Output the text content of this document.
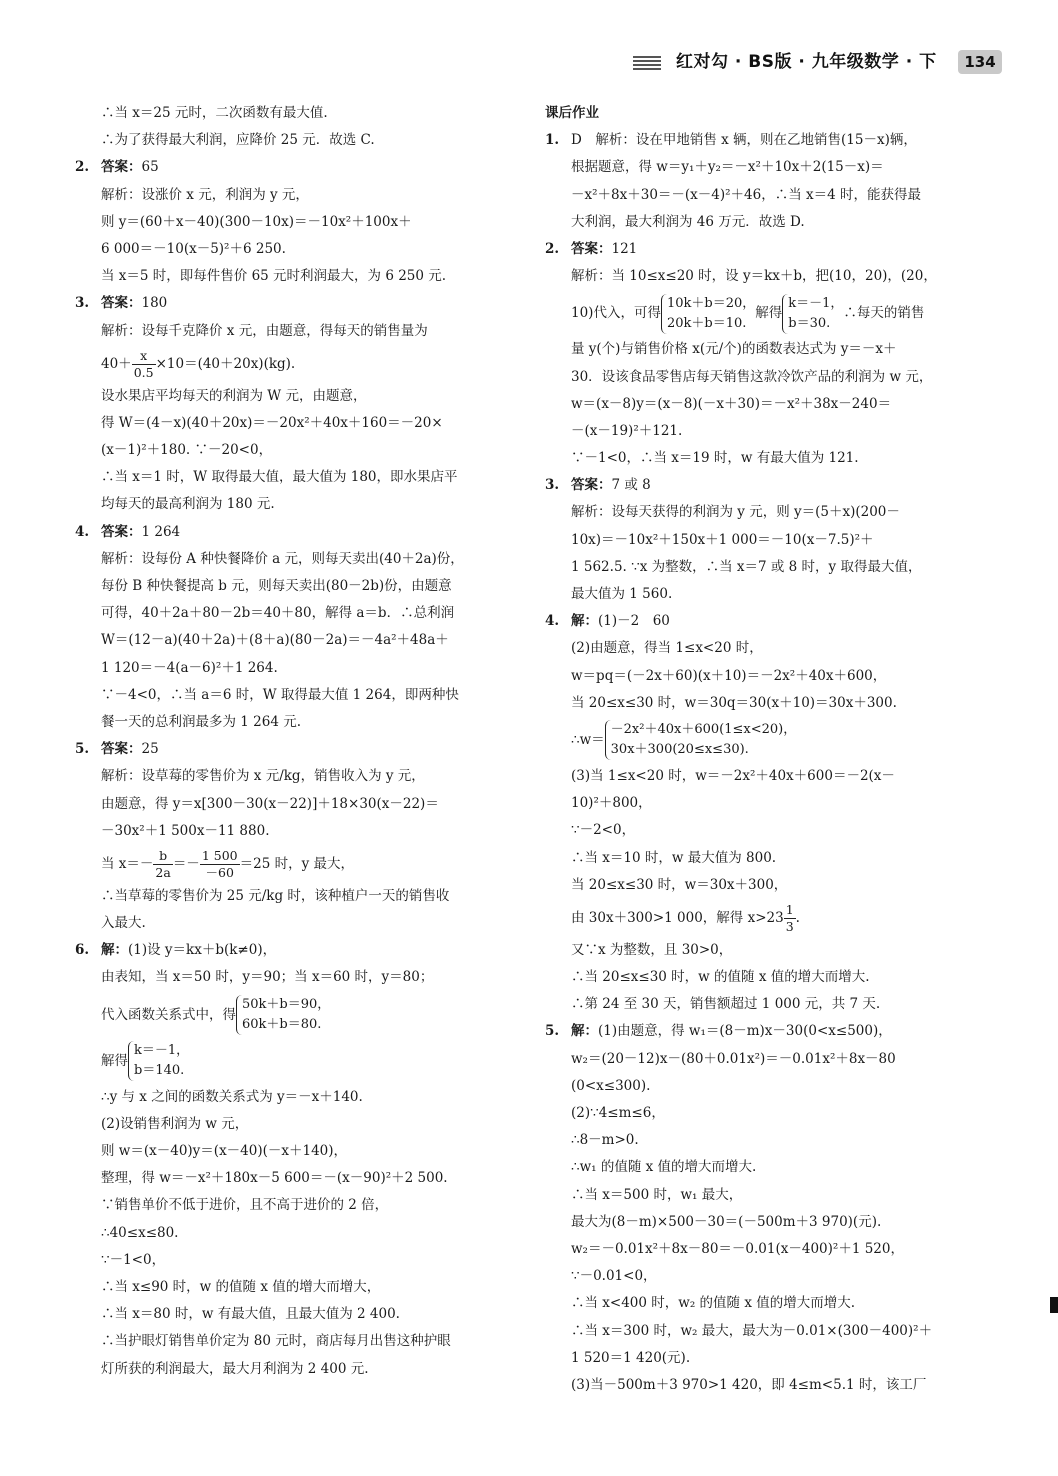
红对勾 · BS版 · 九年级数学 · 下	134
∴当 x＝25 元时，二次函数有最大值.
∴为了获得最大利润，应降价 25 元．故选 C.
2. 答案：65
解析：设涨价 x 元，利润为 y 元，
则 y＝(60＋x－40)(300－10x)＝－10x²＋100x＋
6 000＝－10(x－5)²＋6 250.
当 x＝5 时，即每件售价 65 元时利润最大，为 6 250 元.
3. 答案：180
解析：设每千克降价 x 元，由题意，得每天的销售量为
$40+ \frac{x}{0.5} \times 10=(40+20x)(kg)$.
设水果店平均每天的利润为 W 元，由题意，
得 W＝(4－x)(40＋20x)＝－20x²＋40x＋160＝－20×
(x－1)²＋180. ∵－20<0，
∴当 x＝1 时，W 取得最大值，最大值为 180，即水果店平
均每天的最高利润为 180 元.
4. 答案：1 264
解析：设每份 A 种快餐降价 a 元，则每天卖出(40＋2a)份，
每份 B 种快餐提高 b 元，则每天卖出(80－2b)份，由题意
可得，40＋2a＋80－2b＝40＋80，解得 a＝b．∴总利润
W＝(12－a)(40＋2a)＋(8＋a)(80－2a)＝－4a²＋48a＋
1 120＝－4(a－6)²＋1 264.
∵－4<0，∴当 a＝6 时，W 取得最大值 1 264，即两种快
餐一天的总利润最多为 1 264 元.
5. 答案：25
解析：设草莓的零售价为 x 元/kg，销售收入为 y 元，
由题意，得 y＝x[300－30(x－22)]＋18×30(x－22)＝
－30x²＋1 500x－11 880.
当 $x=- \frac{b}{2a} =- \frac{1 500}{-60} =25$ 时，y 最大，
∴当草莓的零售价为 25 元/kg 时，该种植户一天的销售收
入最大.
6. 解：(1)设 y＝kx＋b(k≠0)，
由表知，当 x＝50 时，y＝90；当 x＝60 时，y＝80；
代入函数关系式中，得
50k＋b＝90，
60k＋b＝80.
解得
k＝－1，
b＝140.
∴y 与 x 之间的函数关系式为 y＝－x＋140.
(2)设销售利润为 w 元，
则 w＝(x－40)y＝(x－40)(－x＋140)，
整理，得 w＝－x²＋180x－5 600＝－(x－90)²＋2 500.
∵销售单价不低于进价，且不高于进价的 2 倍，
∴40≤x≤80.
∵－1<0，
∴当 x≤90 时，w 的值随 x 值的增大而增大，
∴当 x＝80 时，w 有最大值，且最大值为 2 400.
∴当护眼灯销售单价定为 80 元时，商店每月出售这种护眼
灯所获的利润最大，最大月利润为 2 400 元.
课后作业
1. D　解析：设在甲地销售 x 辆，则在乙地销售(15－x)辆，
根据题意，得 w＝y₁＋y₂＝－x²＋10x＋2(15－x)＝
－x²＋8x＋30＝－(x－4)²＋46，∴当 x＝4 时，能获得最
大利润，最大利润为 46 万元．故选 D.
2. 答案：121
解析：当 10≤x≤20 时，设 y＝kx＋b，把(10，20)，(20，
10)代入，可得
10k＋b＝20，
20k＋b＝10.
解得
k＝－1，
b＝30.
∴每天的销售
量 y(个)与销售价格 x(元/个)的函数表达式为 y＝－x＋
30．设该食品零售店每天销售这款冷饮产品的利润为 w 元，
w＝(x－8)y＝(x－8)(－x＋30)＝－x²＋38x－240＝
－(x－19)²＋121.
∵－1<0，∴当 x＝19 时，w 有最大值为 121.
3. 答案：7 或 8
解析：设每天获得的利润为 y 元，则 y＝(5＋x)(200－
10x)＝－10x²＋150x＋1 000＝－10(x－7.5)²＋
1 562.5. ∵x 为整数，∴当 x＝7 或 8 时，y 取得最大值，
最大值为 1 560.
4. 解：(1)－2　60
(2)由题意，得当 1≤x<20 时，
w＝pq＝(－2x＋60)(x＋10)＝－2x²＋40x＋600，
当 20≤x≤30 时，w＝30q＝30(x＋10)＝30x＋300.
∴w＝
－2x²＋40x＋600(1≤x<20)，
30x＋300(20≤x≤30).
(3)当 1≤x<20 时，w＝－2x²＋40x＋600＝－2(x－
10)²＋800，
∵－2<0，
∴当 x＝10 时，w 最大值为 800.
当 20≤x≤30 时，w＝30x＋300，
由 30x＋300>1 000，解得 $x>23 \frac{1}{3}$ .
又∵x 为整数，且 30>0，
∴当 20≤x≤30 时，w 的值随 x 值的增大而增大.
∴第 24 至 30 天，销售额超过 1 000 元，共 7 天.
5. 解：(1)由题意，得 w₁＝(8－m)x－30(0<x≤500)，
w₂＝(20－12)x－(80＋0.01x²)＝－0.01x²＋8x－80
(0<x≤300).
(2)∵4≤m≤6，
∴8－m>0.
∴w₁ 的值随 x 值的增大而增大.
∴当 x＝500 时，w₁ 最大，
最大为(8－m)×500－30＝(－500m＋3 970)(元).
w₂＝－0.01x²＋8x－80＝－0.01(x－400)²＋1 520，
∵－0.01<0，
∴当 x<400 时，w₂ 的值随 x 值的增大而增大.
∴当 x＝300 时，w₂ 最大，最大为－0.01×(300－400)²＋
1 520＝1 420(元).
(3)当－500m＋3 970>1 420，即 4≤m<5.1 时，该工厂
